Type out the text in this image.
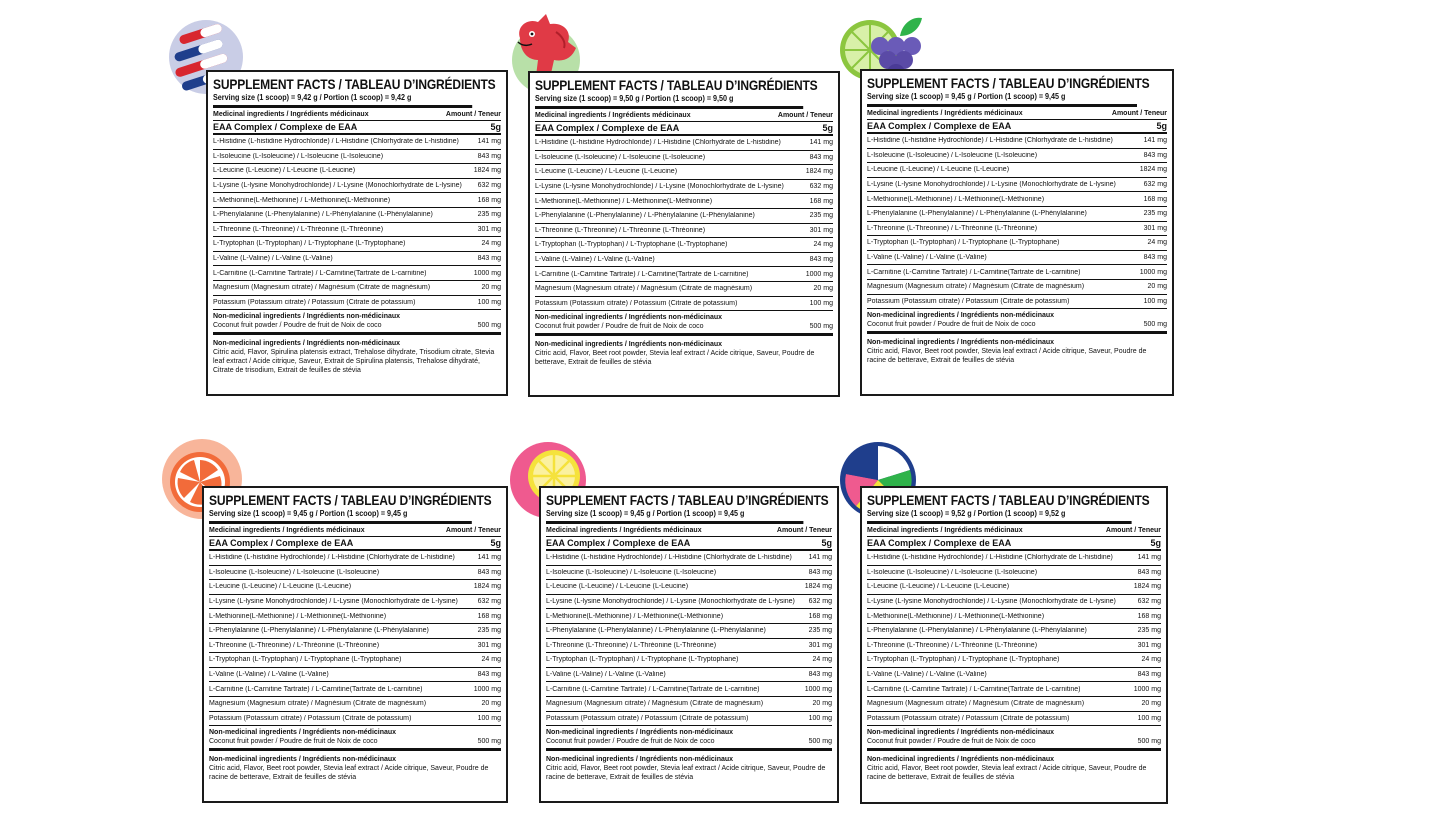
SUPPLEMENT FACTS / TABLEAU D’INGRÉDIENTS
Serving size (1 scoop) = 9,42 g / Portion (1 scoop) = 9,42 g
Medicinal ingredients / Ingrédients médicinaux	Amount / Teneur
EAA Complex / Complexe de EAA	5g
L-Histidine (L-histidine Hydrochloride) / L-Histidine (Chlorhydrate de L-histidine)	141 mg
L-Isoleucine (L-Isoleucine) / L-Isoleucine (L-Isoleucine)	843 mg
L-Leucine (L-Leucine) / L-Leucine (L-Leucine)	1824 mg
L-Lysine (L-lysine Monohydrochloride) / L-Lysine (Monochlorhydrate de L-lysine)	632 mg
L-Methionine(L-Methionine) / L-Méthionine(L-Méthionine)	168 mg
L-Phenylalanine (L-Phenylalanine) / L-Phénylalanine (L-Phénylalanine)	235 mg
L-Threonine (L-Threonine) / L-Thréonine (L-Thréonine)	301 mg
L-Tryptophan (L-Tryptophan) / L-Tryptophane (L-Tryptophane)	24 mg
L-Valine (L-Valine) / L-Valine (L-Valine)	843 mg
L-Carnitine (L-Carnitine Tartrate) / L-Carnitine(Tartrate de L-carnitine)	1000 mg
Magnesium (Magnesium citrate) / Magnésium (Citrate de magnésium)	20 mg
Potassium (Potassium citrate) / Potassium (Citrate de potassium)	100 mg
Non-medicinal ingredients / Ingrédients non-médicinaux
Coconut fruit powder / Poudre de fruit de Noix de coco	500 mg
Non-medicinal ingredients / Ingrédients non-médicinaux
Citric acid, Flavor, Spirulina platensis extract, Trehalose dihydrate, Trisodium citrate, Stevia leaf extract / Acide citrique, Saveur, Extrait de Spirulina platensis, Trehalose dihydraté, Citrate de trisodium, Extrait de feuilles de stévia
SUPPLEMENT FACTS / TABLEAU D’INGRÉDIENTS
Serving size (1 scoop) = 9,50 g / Portion (1 scoop) = 9,50 g
Medicinal ingredients / Ingrédients médicinaux	Amount / Teneur
EAA Complex / Complexe de EAA	5g
L-Histidine (L-histidine Hydrochloride) / L-Histidine (Chlorhydrate de L-histidine)	141 mg
L-Isoleucine (L-Isoleucine) / L-Isoleucine (L-Isoleucine)	843 mg
L-Leucine (L-Leucine) / L-Leucine (L-Leucine)	1824 mg
L-Lysine (L-lysine Monohydrochloride) / L-Lysine (Monochlorhydrate de L-lysine)	632 mg
L-Methionine(L-Methionine) / L-Méthionine(L-Méthionine)	168 mg
L-Phenylalanine (L-Phenylalanine) / L-Phénylalanine (L-Phénylalanine)	235 mg
L-Threonine (L-Threonine) / L-Thréonine (L-Thréonine)	301 mg
L-Tryptophan (L-Tryptophan) / L-Tryptophane (L-Tryptophane)	24 mg
L-Valine (L-Valine) / L-Valine (L-Valine)	843 mg
L-Carnitine (L-Carnitine Tartrate) / L-Carnitine(Tartrate de L-carnitine)	1000 mg
Magnesium (Magnesium citrate) / Magnésium (Citrate de magnésium)	20 mg
Potassium (Potassium citrate) / Potassium (Citrate de potassium)	100 mg
Non-medicinal ingredients / Ingrédients non-médicinaux
Coconut fruit powder / Poudre de fruit de Noix de coco	500 mg
Non-medicinal ingredients / Ingrédients non-médicinaux
Citric acid, Flavor, Beet root powder, Stevia leaf extract / Acide citrique, Saveur, Poudre de betterave, Extrait de feuilles de stévia
SUPPLEMENT FACTS / TABLEAU D’INGRÉDIENTS
Serving size (1 scoop) = 9,45 g / Portion (1 scoop) = 9,45 g
Medicinal ingredients / Ingrédients médicinaux	Amount / Teneur
EAA Complex / Complexe de EAA	5g
L-Histidine (L-histidine Hydrochloride) / L-Histidine (Chlorhydrate de L-histidine)	141 mg
L-Isoleucine (L-Isoleucine) / L-Isoleucine (L-Isoleucine)	843 mg
L-Leucine (L-Leucine) / L-Leucine (L-Leucine)	1824 mg
L-Lysine (L-lysine Monohydrochloride) / L-Lysine (Monochlorhydrate de L-lysine)	632 mg
L-Methionine(L-Methionine) / L-Méthionine(L-Méthionine)	168 mg
L-Phenylalanine (L-Phenylalanine) / L-Phénylalanine (L-Phénylalanine)	235 mg
L-Threonine (L-Threonine) / L-Thréonine (L-Thréonine)	301 mg
L-Tryptophan (L-Tryptophan) / L-Tryptophane (L-Tryptophane)	24 mg
L-Valine (L-Valine) / L-Valine (L-Valine)	843 mg
L-Carnitine (L-Carnitine Tartrate) / L-Carnitine(Tartrate de L-carnitine)	1000 mg
Magnesium (Magnesium citrate) / Magnésium (Citrate de magnésium)	20 mg
Potassium (Potassium citrate) / Potassium (Citrate de potassium)	100 mg
Non-medicinal ingredients / Ingrédients non-médicinaux
Coconut fruit powder / Poudre de fruit de Noix de coco	500 mg
Non-medicinal ingredients / Ingrédients non-médicinaux
Citric acid, Flavor, Beet root powder, Stevia leaf extract / Acide citrique, Saveur, Poudre de racine de betterave, Extrait de feuilles de stévia
SUPPLEMENT FACTS / TABLEAU D’INGRÉDIENTS
Serving size (1 scoop) = 9,45 g / Portion (1 scoop) = 9,45 g
Medicinal ingredients / Ingrédients médicinaux	Amount / Teneur
EAA Complex / Complexe de EAA	5g
L-Histidine (L-histidine Hydrochloride) / L-Histidine (Chlorhydrate de L-histidine)	141 mg
L-Isoleucine (L-Isoleucine) / L-Isoleucine (L-Isoleucine)	843 mg
L-Leucine (L-Leucine) / L-Leucine (L-Leucine)	1824 mg
L-Lysine (L-lysine Monohydrochloride) / L-Lysine (Monochlorhydrate de L-lysine)	632 mg
L-Methionine(L-Methionine) / L-Méthionine(L-Méthionine)	168 mg
L-Phenylalanine (L-Phenylalanine) / L-Phénylalanine (L-Phénylalanine)	235 mg
L-Threonine (L-Threonine) / L-Thréonine (L-Thréonine)	301 mg
L-Tryptophan (L-Tryptophan) / L-Tryptophane (L-Tryptophane)	24 mg
L-Valine (L-Valine) / L-Valine (L-Valine)	843 mg
L-Carnitine (L-Carnitine Tartrate) / L-Carnitine(Tartrate de L-carnitine)	1000 mg
Magnesium (Magnesium citrate) / Magnésium (Citrate de magnésium)	20 mg
Potassium (Potassium citrate) / Potassium (Citrate de potassium)	100 mg
Non-medicinal ingredients / Ingrédients non-médicinaux
Coconut fruit powder / Poudre de fruit de Noix de coco	500 mg
Non-medicinal ingredients / Ingrédients non-médicinaux
Citric acid, Flavor, Beet root powder, Stevia leaf extract / Acide citrique, Saveur, Poudre de racine de betterave, Extrait de feuilles de stévia
SUPPLEMENT FACTS / TABLEAU D’INGRÉDIENTS
Serving size (1 scoop) = 9,45 g / Portion (1 scoop) = 9,45 g
Medicinal ingredients / Ingrédients médicinaux	Amount / Teneur
EAA Complex / Complexe de EAA	5g
L-Histidine (L-histidine Hydrochloride) / L-Histidine (Chlorhydrate de L-histidine)	141 mg
L-Isoleucine (L-Isoleucine) / L-Isoleucine (L-Isoleucine)	843 mg
L-Leucine (L-Leucine) / L-Leucine (L-Leucine)	1824 mg
L-Lysine (L-lysine Monohydrochloride) / L-Lysine (Monochlorhydrate de L-lysine)	632 mg
L-Methionine(L-Methionine) / L-Méthionine(L-Méthionine)	168 mg
L-Phenylalanine (L-Phenylalanine) / L-Phénylalanine (L-Phénylalanine)	235 mg
L-Threonine (L-Threonine) / L-Thréonine (L-Thréonine)	301 mg
L-Tryptophan (L-Tryptophan) / L-Tryptophane (L-Tryptophane)	24 mg
L-Valine (L-Valine) / L-Valine (L-Valine)	843 mg
L-Carnitine (L-Carnitine Tartrate) / L-Carnitine(Tartrate de L-carnitine)	1000 mg
Magnesium (Magnesium citrate) / Magnésium (Citrate de magnésium)	20 mg
Potassium (Potassium citrate) / Potassium (Citrate de potassium)	100 mg
Non-medicinal ingredients / Ingrédients non-médicinaux
Coconut fruit powder / Poudre de fruit de Noix de coco	500 mg
Non-medicinal ingredients / Ingrédients non-médicinaux
Citric acid, Flavor, Beet root powder, Stevia leaf extract / Acide citrique, Saveur, Poudre de racine de betterave, Extrait de feuilles de stévia
SUPPLEMENT FACTS / TABLEAU D’INGRÉDIENTS
Serving size (1 scoop) = 9,52 g / Portion (1 scoop) = 9,52 g
Medicinal ingredients / Ingrédients médicinaux	Amount / Teneur
EAA Complex / Complexe de EAA	5g
L-Histidine (L-histidine Hydrochloride) / L-Histidine (Chlorhydrate de L-histidine)	141 mg
L-Isoleucine (L-Isoleucine) / L-Isoleucine (L-Isoleucine)	843 mg
L-Leucine (L-Leucine) / L-Leucine (L-Leucine)	1824 mg
L-Lysine (L-lysine Monohydrochloride) / L-Lysine (Monochlorhydrate de L-lysine)	632 mg
L-Methionine(L-Methionine) / L-Méthionine(L-Méthionine)	168 mg
L-Phenylalanine (L-Phenylalanine) / L-Phénylalanine (L-Phénylalanine)	235 mg
L-Threonine (L-Threonine) / L-Thréonine (L-Thréonine)	301 mg
L-Tryptophan (L-Tryptophan) / L-Tryptophane (L-Tryptophane)	24 mg
L-Valine (L-Valine) / L-Valine (L-Valine)	843 mg
L-Carnitine (L-Carnitine Tartrate) / L-Carnitine(Tartrate de L-carnitine)	1000 mg
Magnesium (Magnesium citrate) / Magnésium (Citrate de magnésium)	20 mg
Potassium (Potassium citrate) / Potassium (Citrate de potassium)	100 mg
Non-medicinal ingredients / Ingrédients non-médicinaux
Coconut fruit powder / Poudre de fruit de Noix de coco	500 mg
Non-medicinal ingredients / Ingrédients non-médicinaux
Citric acid, Flavor, Beet root powder, Stevia leaf extract / Acide citrique, Saveur, Poudre de racine de betterave, Extrait de feuilles de stévia
